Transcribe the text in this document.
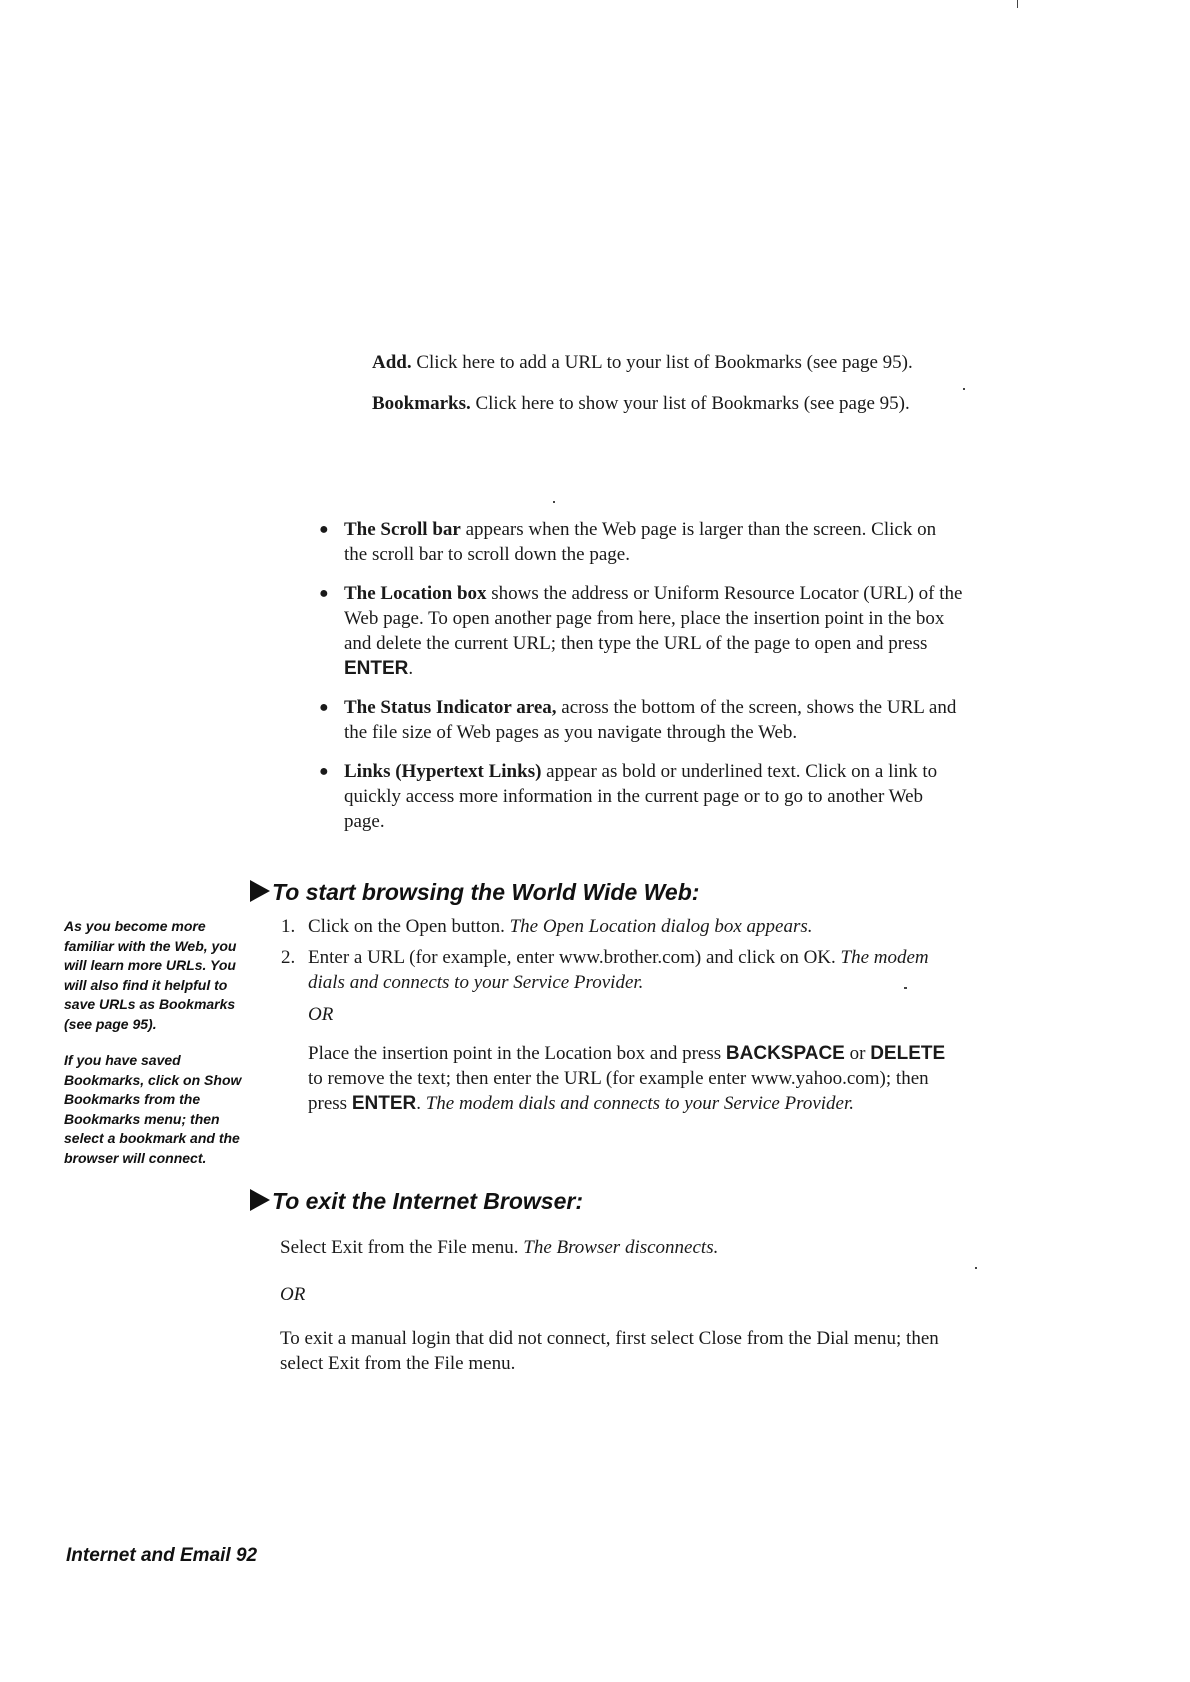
Add. Click here to add a URL to your list of Bookmarks (see page 95).

Bookmarks. Click here to show your list of Bookmarks (see page 95).

● The Scroll bar appears when the Web page is larger than the screen. Click on the scroll bar to scroll down the page.
● The Location box shows the address or Uniform Resource Locator (URL) of the Web page. To open another page from here, place the insertion point in the box and delete the current URL; then type the URL of the page to open and press ENTER.
● The Status Indicator area, across the bottom of the screen, shows the URL and the file size of Web pages as you navigate through the Web.
● Links (Hypertext Links) appear as bold or underlined text. Click on a link to quickly access more information in the current page or to go to another Web page.
To start browsing the World Wide Web:
1. Click on the Open button. The Open Location dialog box appears.
2. Enter a URL (for example, enter www.brother.com) and click on OK. The modem dials and connects to your Service Provider.
OR
Place the insertion point in the Location box and press BACKSPACE or DELETE to remove the text; then enter the URL (for example enter www.yahoo.com); then press ENTER. The modem dials and connects to your Service Provider.
To exit the Internet Browser:
Select Exit from the File menu. The Browser disconnects.
OR
To exit a manual login that did not connect, first select Close from the Dial menu; then select Exit from the File menu.

As you become more familiar with the Web, you will learn more URLs. You will also find it helpful to save URLs as Bookmarks (see page 95).

If you have saved Bookmarks, click on Show Bookmarks from the Bookmarks menu; then select a bookmark and the browser will connect.

Internet and Email 92
